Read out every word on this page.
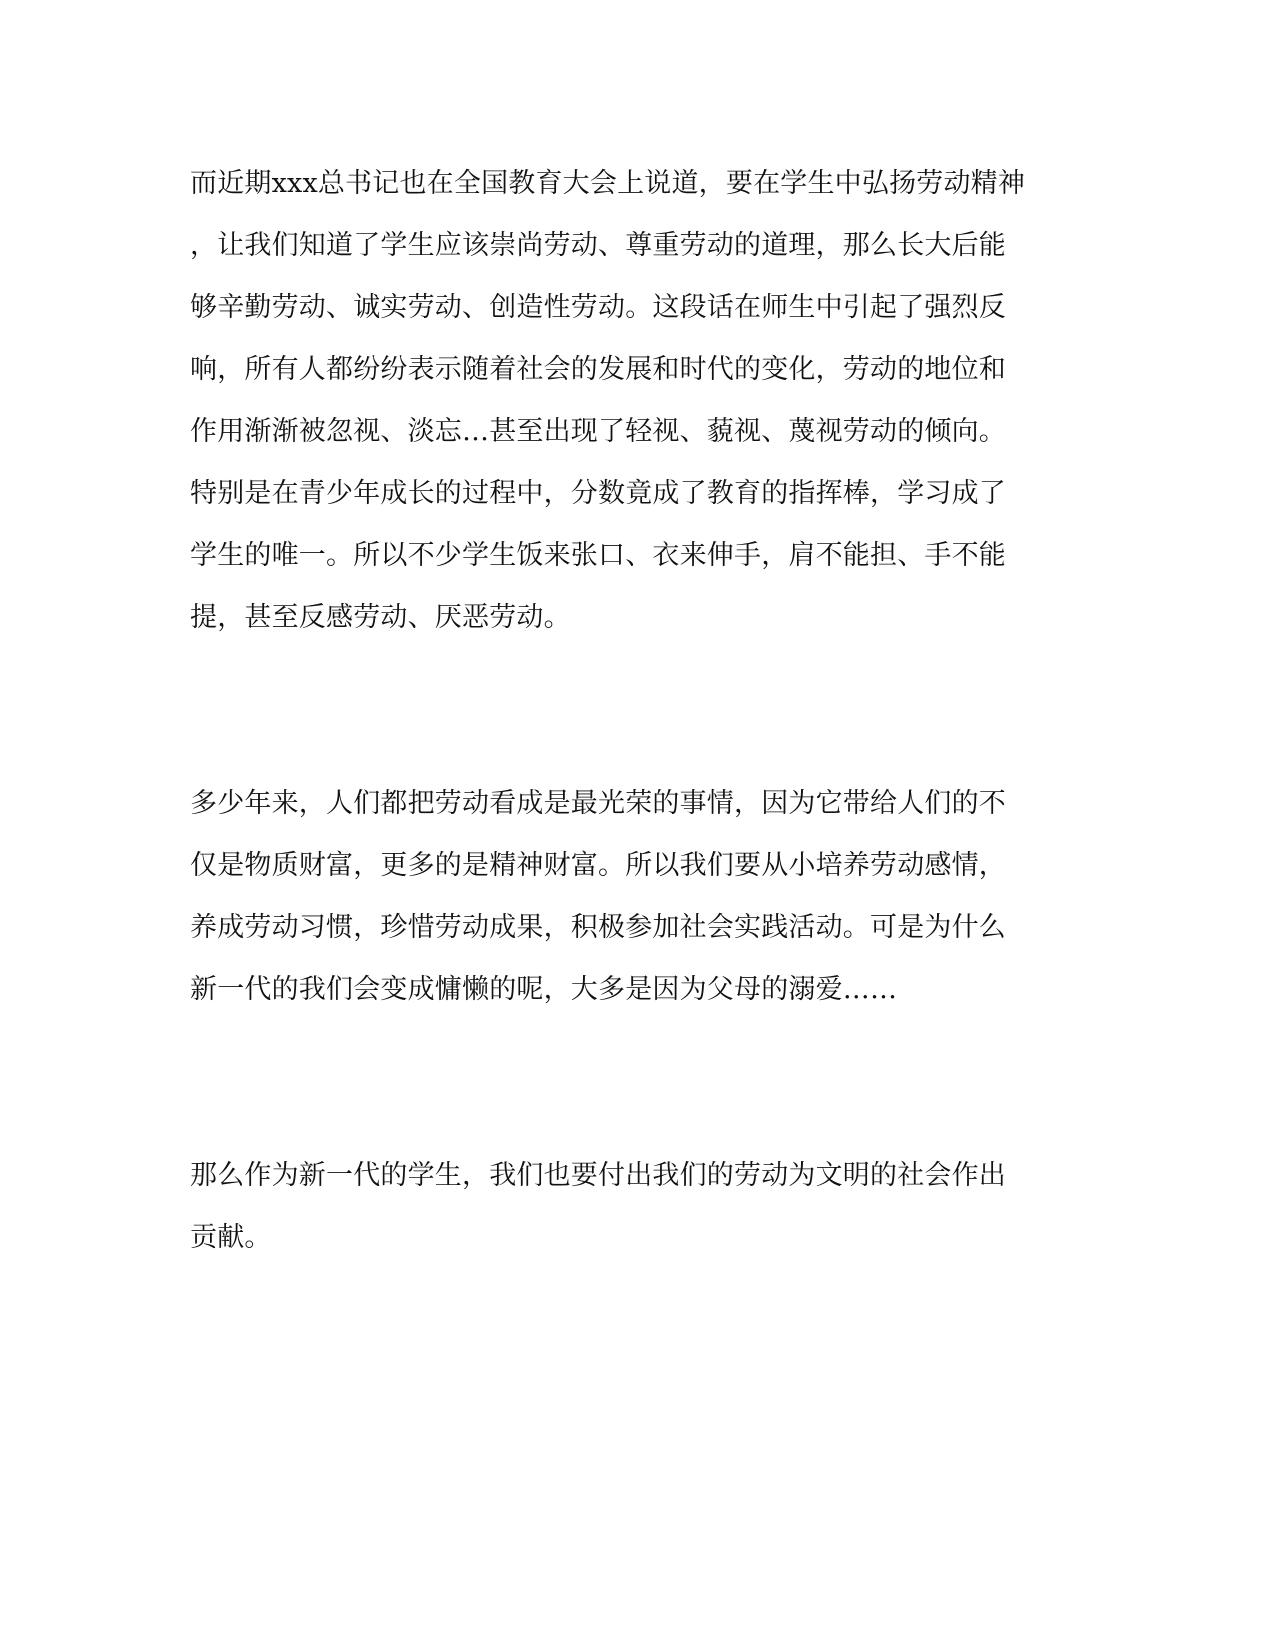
而近期xxx总书记也在全国教育大会上说道，要在学生中弘扬劳动精神
，让我们知道了学生应该崇尚劳动、尊重劳动的道理，那么长大后能
够辛勤劳动、诚实劳动、创造性劳动。这段话在师生中引起了强烈反
响，所有人都纷纷表示随着社会的发展和时代的变化，劳动的地位和
作用渐渐被忽视、淡忘…甚至出现了轻视、藐视、蔑视劳动的倾向。
特别是在青少年成长的过程中，分数竟成了教育的指挥棒，学习成了
学生的唯一。所以不少学生饭来张口、衣来伸手，肩不能担、手不能
提，甚至反感劳动、厌恶劳动。
多少年来，人们都把劳动看成是最光荣的事情，因为它带给人们的不
仅是物质财富，更多的是精神财富。所以我们要从小培养劳动感情，
养成劳动习惯，珍惜劳动成果，积极参加社会实践活动。可是为什么
新一代的我们会变成慵懒的呢，大多是因为父母的溺爱……
那么作为新一代的学生，我们也要付出我们的劳动为文明的社会作出
贡献。
